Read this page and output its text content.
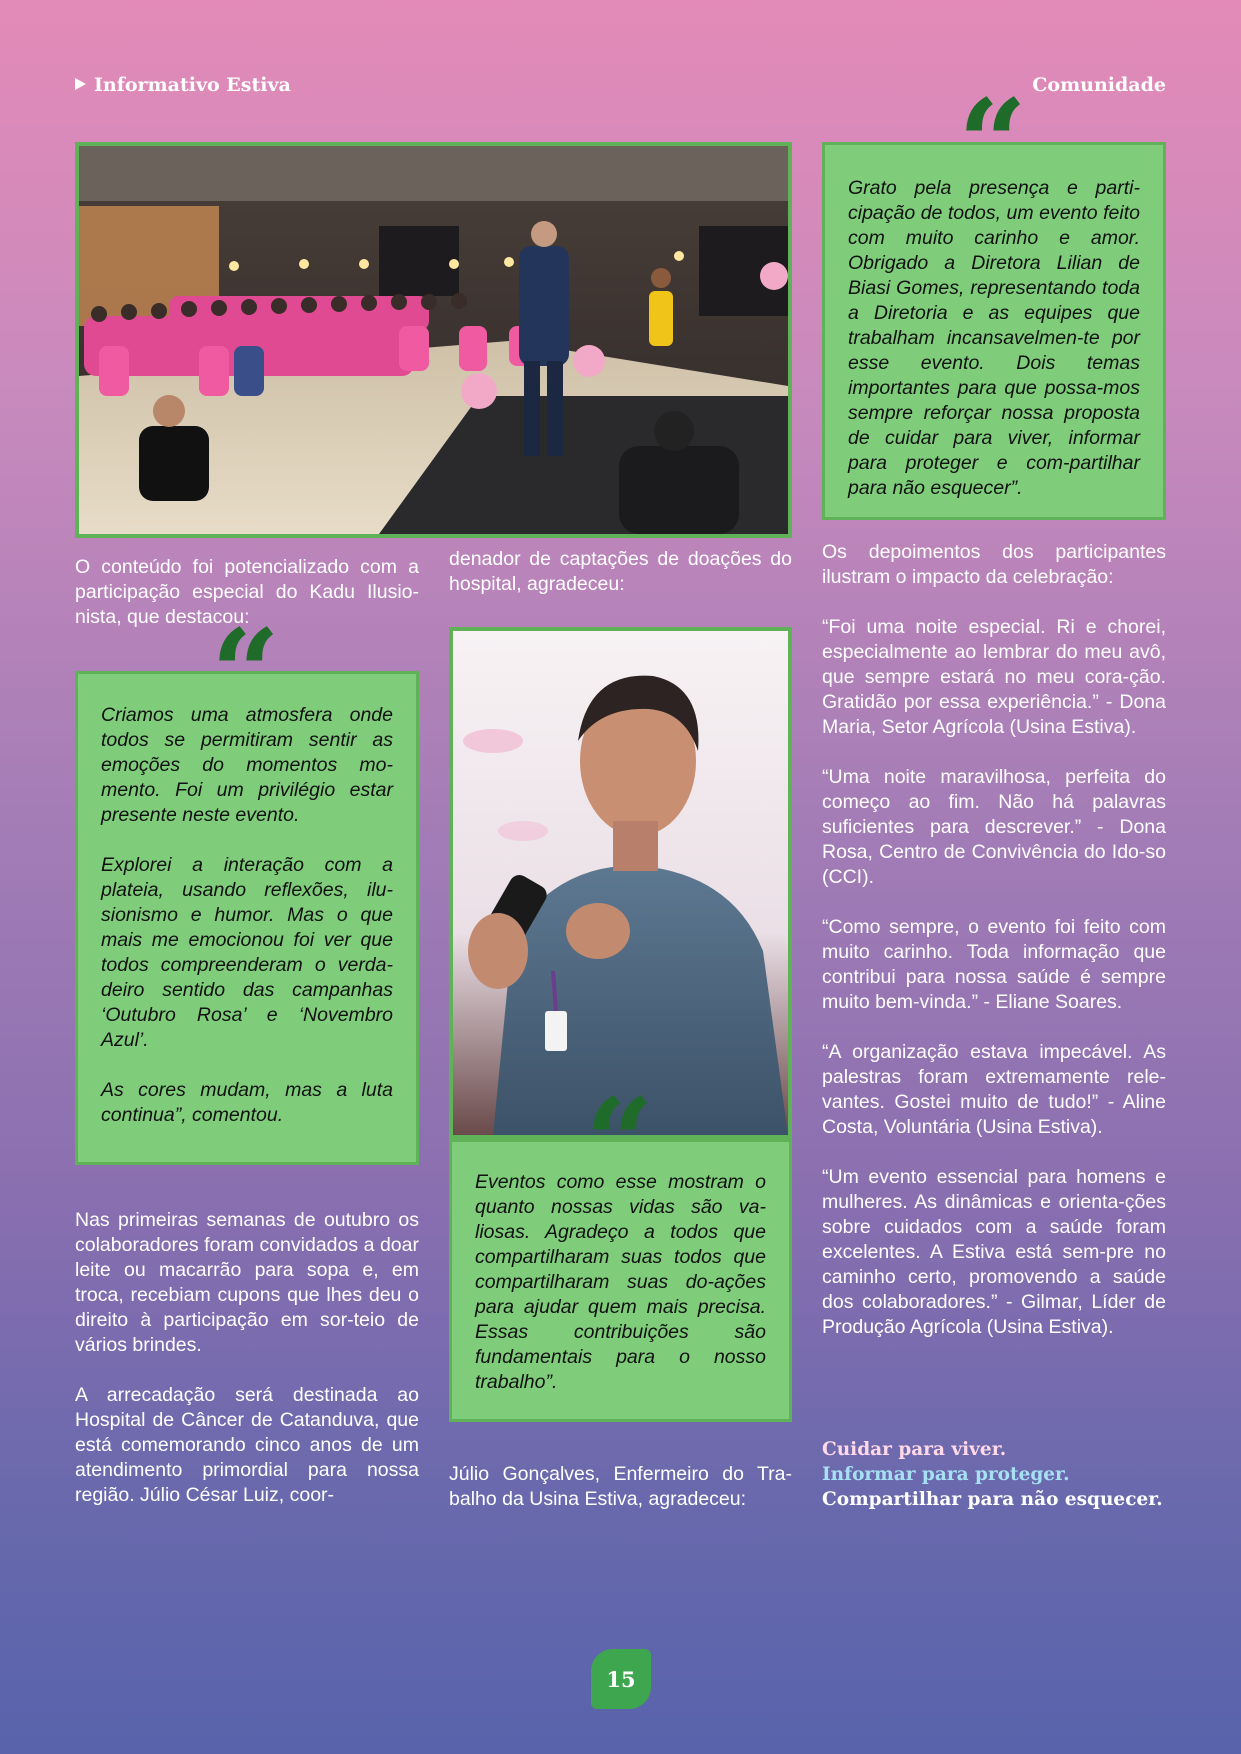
Informativo Estiva	Comunidade

Grato pela presença e parti-cipação de todos, um evento feito com muito carinho e amor. Obrigado a Diretora Lilian de Biasi Gomes, representando toda a Diretoria e as equipes que trabalham incansavelmen-te por esse evento. Dois temas importantes para que possa-mos sempre reforçar nossa proposta de cuidar para viver, informar para proteger e com-partilhar para não esquecer”.

“
O conteúdo foi potencializado com a participação especial do Kadu Ilusio-nista, que destacou:

Criamos uma atmosfera onde todos se permitiram sentir as emoções do momentos mo-mento. Foi um privilégio estar presente neste evento.

Explorei a interação com a plateia, usando reflexões, ilu-sionismo e humor. Mas o que mais me emocionou foi ver que todos compreenderam o verda-deiro sentido das campanhas ‘Outubro Rosa’ e ‘Novembro Azul’.

As cores mudam, mas a luta continua”, comentou.

“

Nas primeiras semanas de outubro os colaboradores foram convidados a doar leite ou macarrão para sopa e, em troca, recebiam cupons que lhes deu o direito à participação em sor-teio de vários brindes.

A arrecadação será destinada ao Hospital de Câncer de Catanduva, que está comemorando cinco anos de um atendimento primordial para nossa região. Júlio César Luiz, coor-

denador de captações de doações do hospital, agradeceu:

Eventos como esse mostram o quanto nossas vidas são va-liosas. Agradeço a todos que compartilharam suas todos que compartilharam suas do-ações para ajudar quem mais precisa. Essas contribuições são fundamentais para o nosso trabalho”.

“
Júlio Gonçalves, Enfermeiro do Tra-balho da Usina Estiva, agradeceu:

Os depoimentos dos participantes ilustram o impacto da celebração:

“Foi uma noite especial. Ri e chorei, especialmente ao lembrar do meu avô, que sempre estará no meu cora-ção. Gratidão por essa experiência.” - Dona Maria, Setor Agrícola (Usina Estiva).

“Uma noite maravilhosa, perfeita do começo ao fim. Não há palavras suficientes para descrever.” - Dona Rosa, Centro de Convivência do Ido-so (CCI).

“Como sempre, o evento foi feito com muito carinho. Toda informação que contribui para nossa saúde é sempre muito bem-vinda.” - Eliane Soares.

“A organização estava impecável. As palestras foram extremamente rele-vantes. Gostei muito de tudo!” - Aline Costa, Voluntária (Usina Estiva).

“Um evento essencial para homens e mulheres. As dinâmicas e orienta-ções sobre cuidados com a saúde foram excelentes. A Estiva está sem-pre no caminho certo, promovendo a saúde dos colaboradores.” - Gilmar, Líder de Produção Agrícola (Usina Estiva).

Cuidar para viver.
Informar para proteger.
Compartilhar para não esquecer.
15
